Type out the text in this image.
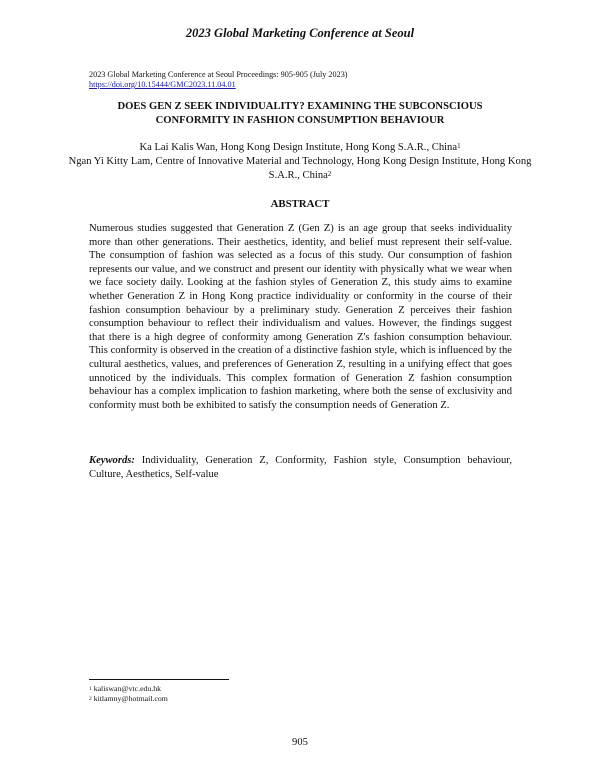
2023 Global Marketing Conference at Seoul
2023 Global Marketing Conference at Seoul Proceedings: 905-905 (July 2023)
https://doi.org/10.15444/GMC2023.11.04.01
DOES GEN Z SEEK INDIVIDUALITY? EXAMINING THE SUBCONSCIOUS
CONFORMITY IN FASHION CONSUMPTION BEHAVIOUR
Ka Lai Kalis Wan, Hong Kong Design Institute, Hong Kong S.A.R., China$^1$
Ngan Yi Kitty Lam, Centre of Innovative Material and Technology, Hong Kong Design Institute, Hong Kong S.A.R., China$^2$
ABSTRACT
Numerous studies suggested that Generation Z (Gen Z) is an age group that seeks individuality more than other generations. Their aesthetics, identity, and belief must represent their self-value. The consumption of fashion was selected as a focus of this study. Our consumption of fashion represents our value, and we construct and present our identity with physically what we wear when we face society daily. Looking at the fashion styles of Generation Z, this study aims to examine whether Generation Z in Hong Kong practice individuality or conformity in the course of their fashion consumption behaviour by a preliminary study. Generation Z perceives their fashion consumption behaviour to reflect their individualism and values. However, the findings suggest that there is a high degree of conformity among Generation Z's fashion consumption behaviour. This conformity is observed in the creation of a distinctive fashion style, which is influenced by the cultural aesthetics, values, and preferences of Generation Z, resulting in a unifying effect that goes unnoticed by the individuals. This complex formation of Generation Z fashion consumption behaviour has a complex implication to fashion marketing, where both the sense of exclusivity and conformity must both be exhibited to satisfy the consumption needs of Generation Z.
Keywords: Individuality, Generation Z, Conformity, Fashion style, Consumption behaviour, Culture, Aesthetics, Self-value
$^1$ kaliswan@vtc.edu.hk
$^2$ kitlamny@hotmail.com
905
